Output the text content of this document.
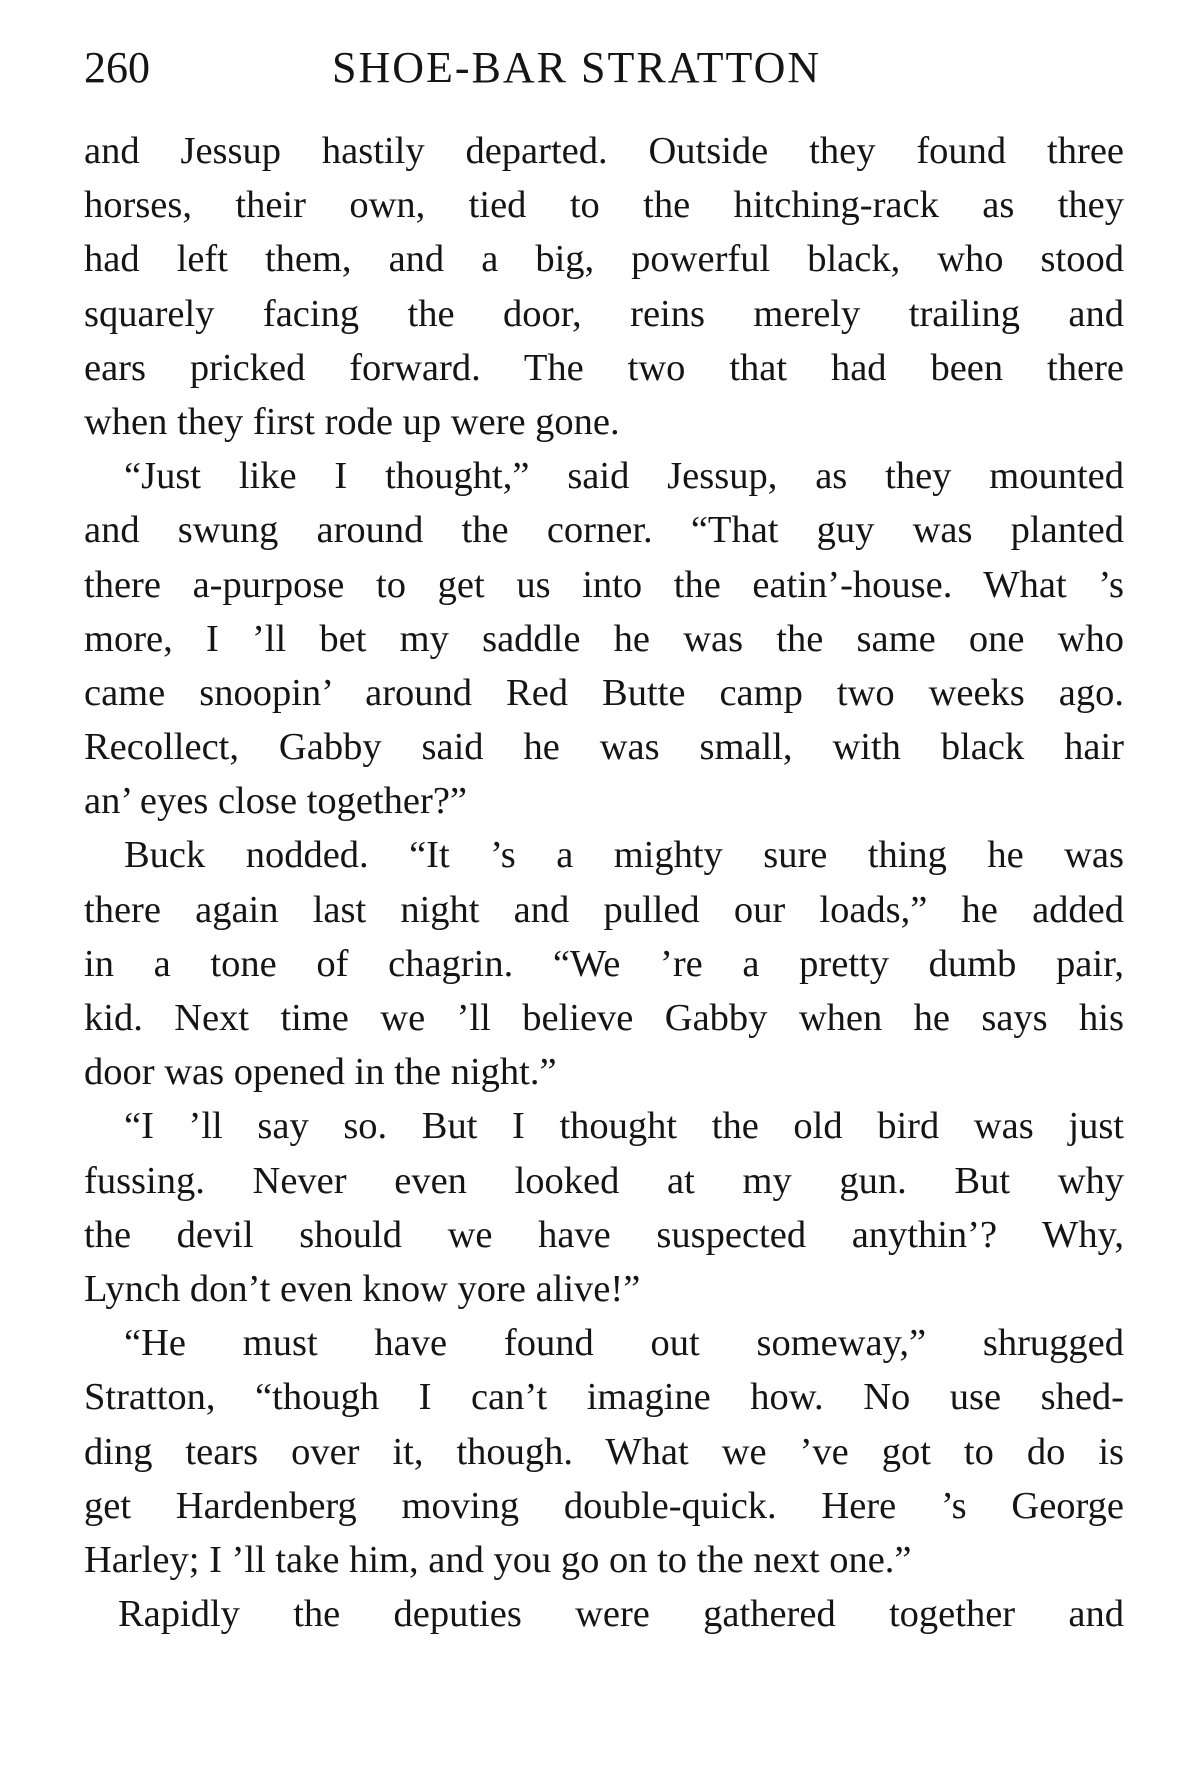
260	SHOE-BAR STRATTON
and Jessup hastily departed. Outside they found three
horses, their own, tied to the hitching-rack as they
had left them, and a big, powerful black, who stood
squarely facing the door, reins merely trailing and
ears pricked forward. The two that had been there
when they first rode up were gone.
“Just like I thought,” said Jessup, as they mounted
and swung around the corner. “That guy was planted
there a-purpose to get us into the eatin’-house. What ’s
more, I ’ll bet my saddle he was the same one who
came snoopin’ around Red Butte camp two weeks ago.
Recollect, Gabby said he was small, with black hair
an’ eyes close together?”
Buck nodded. “It ’s a mighty sure thing he was
there again last night and pulled our loads,” he added
in a tone of chagrin. “We ’re a pretty dumb pair,
kid. Next time we ’ll believe Gabby when he says his
door was opened in the night.”
“I ’ll say so. But I thought the old bird was just
fussing. Never even looked at my gun. But why
the devil should we have suspected anythin’? Why,
Lynch don’t even know yore alive!”
“He must have found out someway,” shrugged
Stratton, “though I can’t imagine how. No use shed-
ding tears over it, though. What we ’ve got to do is
get Hardenberg moving double-quick. Here ’s George
Harley; I ’ll take him, and you go on to the next one.”
Rapidly the deputies were gathered together and
